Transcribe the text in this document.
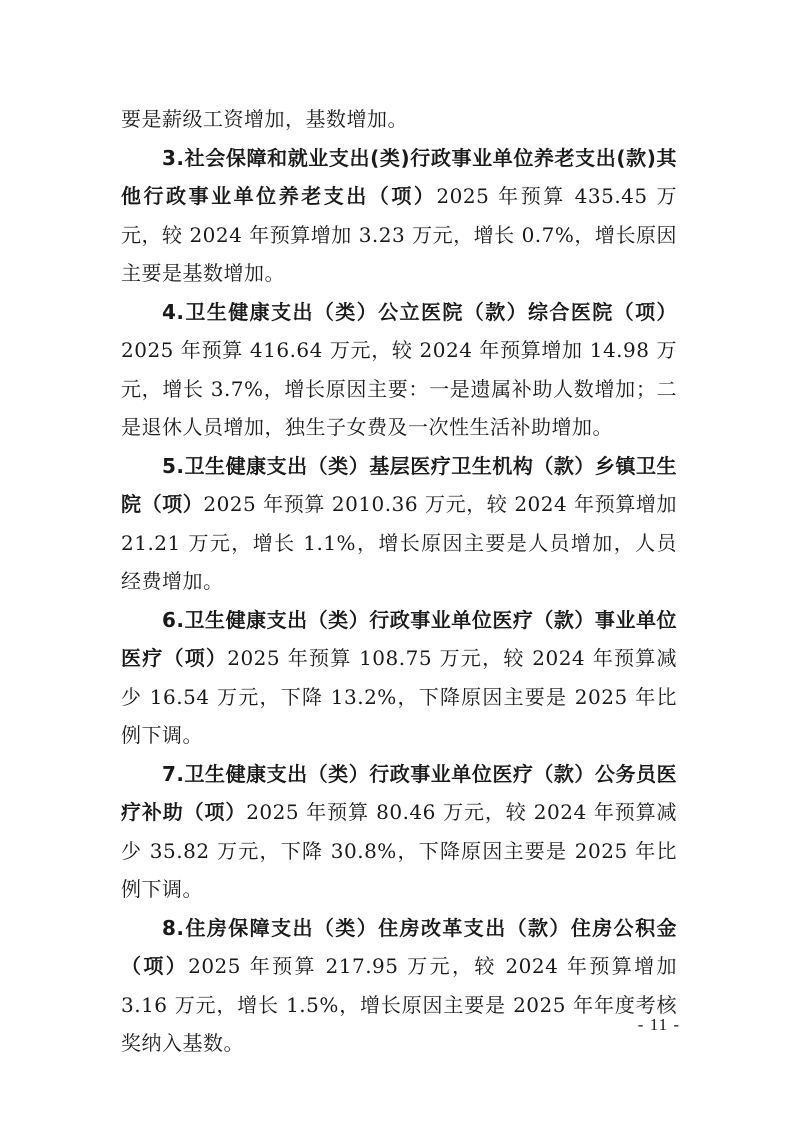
要是薪级工资增加，基数增加。

3.社会保障和就业支出(类)行政事业单位养老支出(款)其他行政事业单位养老支出（项）2025 年预算 435.45 万元，较 2024 年预算增加 3.23 万元，增长 0.7%，增长原因主要是基数增加。

4.卫生健康支出（类）公立医院（款）综合医院（项）2025 年预算 416.64 万元，较 2024 年预算增加 14.98 万元，增长 3.7%，增长原因主要：一是遗属补助人数增加；二是退休人员增加，独生子女费及一次性生活补助增加。

5.卫生健康支出（类）基层医疗卫生机构（款）乡镇卫生院（项）2025 年预算 2010.36 万元，较 2024 年预算增加 21.21 万元，增长 1.1%，增长原因主要是人员增加，人员经费增加。

6.卫生健康支出（类）行政事业单位医疗（款）事业单位医疗（项）2025 年预算 108.75 万元，较 2024 年预算减少 16.54 万元，下降 13.2%，下降原因主要是 2025 年比例下调。

7.卫生健康支出（类）行政事业单位医疗（款）公务员医疗补助（项）2025 年预算 80.46 万元，较 2024 年预算减少 35.82 万元，下降 30.8%，下降原因主要是 2025 年比例下调。

8.住房保障支出（类）住房改革支出（款）住房公积金（项）2025 年预算 217.95 万元，较 2024 年预算增加 3.16 万元，增长 1.5%，增长原因主要是 2025 年年度考核奖纳入基数。

- 11 -
